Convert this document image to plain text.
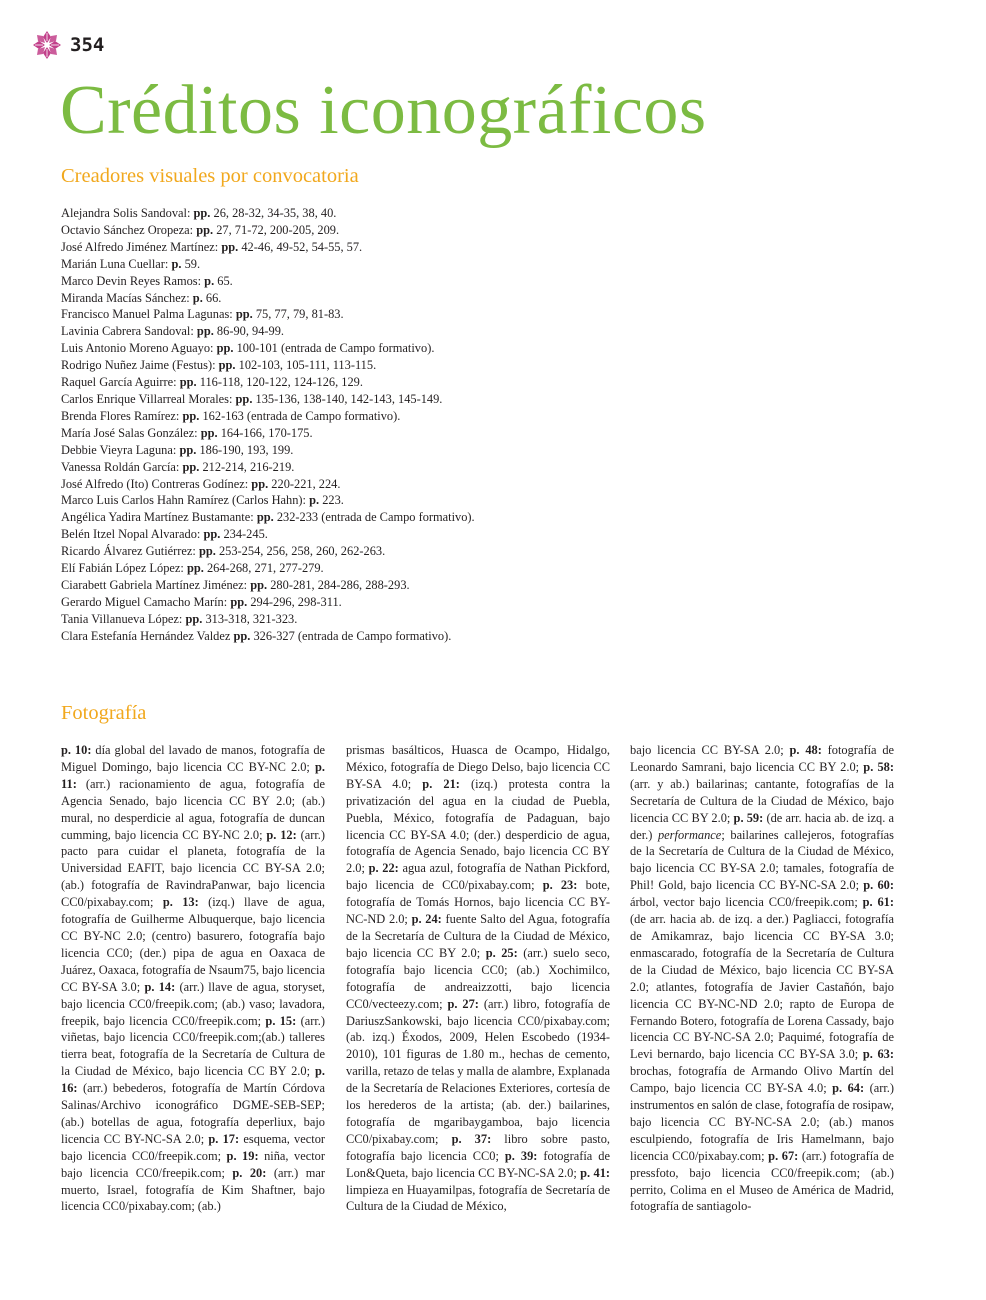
354
Créditos iconográficos
Creadores visuales por convocatoria
Alejandra Solis Sandoval: pp. 26, 28-32, 34-35, 38, 40.
Octavio Sánchez Oropeza: pp. 27, 71-72, 200-205, 209.
José Alfredo Jiménez Martínez: pp. 42-46, 49-52, 54-55, 57.
Marián Luna Cuellar: p. 59.
Marco Devin Reyes Ramos: p. 65.
Miranda Macías Sánchez: p. 66.
Francisco Manuel Palma Lagunas: pp. 75, 77, 79, 81-83.
Lavinia Cabrera Sandoval: pp. 86-90, 94-99.
Luis Antonio Moreno Aguayo: pp. 100-101 (entrada de Campo formativo).
Rodrigo Nuñez Jaime (Festus): pp. 102-103, 105-111, 113-115.
Raquel García Aguirre: pp. 116-118, 120-122, 124-126, 129.
Carlos Enrique Villarreal Morales: pp. 135-136, 138-140, 142-143, 145-149.
Brenda Flores Ramírez: pp. 162-163 (entrada de Campo formativo).
María José Salas González: pp. 164-166, 170-175.
Debbie Vieyra Laguna: pp. 186-190, 193, 199.
Vanessa Roldán García: pp. 212-214, 216-219.
José Alfredo (Ito) Contreras Godínez: pp. 220-221, 224.
Marco Luis Carlos Hahn Ramírez (Carlos Hahn): p. 223.
Angélica Yadira Martínez Bustamante: pp. 232-233 (entrada de Campo formativo).
Belén Itzel Nopal Alvarado: pp. 234-245.
Ricardo Álvarez Gutiérrez: pp. 253-254, 256, 258, 260, 262-263.
Elí Fabián López López: pp. 264-268, 271, 277-279.
Ciarabett Gabriela Martínez Jiménez: pp. 280-281, 284-286, 288-293.
Gerardo Miguel Camacho Marín: pp. 294-296, 298-311.
Tania Villanueva López: pp. 313-318, 321-323.
Clara Estefanía Hernández Valdez pp. 326-327 (entrada de Campo formativo).
Fotografía
p. 10: día global del lavado de manos, fotografía de Miguel Domingo, bajo licencia CC BY-NC 2.0; p. 11: (arr.) racionamiento de agua, fotografía de Agencia Senado, bajo licencia CC BY 2.0; (ab.) mural, no desperdicie al agua, fotografía de duncan cumming, bajo licencia CC BY-NC 2.0; p. 12: (arr.) pacto para cuidar el planeta, fotografía de la Universidad EAFIT, bajo licencia CC BY-SA 2.0; (ab.) fotografía de RavindraPanwar, bajo licencia CC0/pixabay.com; p. 13: (izq.) llave de agua, fotografía de Guilherme Albuquerque, bajo licencia CC BY-NC 2.0; (centro) basurero, fotografía bajo licencia CC0; (der.) pipa de agua en Oaxaca de Juárez, Oaxaca, fotografía de Nsaum75, bajo licencia CC BY-SA 3.0; p. 14: (arr.) llave de agua, storyset, bajo licencia CC0/freepik.com; (ab.) vaso; lavadora, freepik, bajo licencia CC0/freepik.com; p. 15: (arr.) viñetas, bajo licencia CC0/freepik.com;(ab.) talleres tierra beat, fotografía de la Secretaría de Cultura de la Ciudad de México, bajo licencia CC BY 2.0; p. 16: (arr.) bebederos, fotografía de Martín Córdova Salinas/Archivo iconográfico DGME-SEB-SEP; (ab.) botellas de agua, fotografía deperliux, bajo licencia CC BY-NC-SA 2.0; p. 17: esquema, vector bajo licencia CC0/freepik.com; p. 19: niña, vector bajo licencia CC0/freepik.com; p. 20: (arr.) mar muerto, Israel, fotografía de Kim Shaftner, bajo licencia CC0/pixabay.com; (ab.)
prismas basálticos, Huasca de Ocampo, Hidalgo, México, fotografía de Diego Delso, bajo licencia CC BY-SA 4.0; p. 21: (izq.) protesta contra la privatización del agua en la ciudad de Puebla, Puebla, México, fotografía de Padaguan, bajo licencia CC BY-SA 4.0; (der.) desperdicio de agua, fotografía de Agencia Senado, bajo licencia CC BY 2.0; p. 22: agua azul, fotografía de Nathan Pickford, bajo licencia de CC0/pixabay.com; p. 23: bote, fotografía de Tomás Hornos, bajo licencia CC BY-NC-ND 2.0; p. 24: fuente Salto del Agua, fotografía de la Secretaría de Cultura de la Ciudad de México, bajo licencia CC BY 2.0; p. 25: (arr.) suelo seco, fotografía bajo licencia CC0; (ab.) Xochimilco, fotografía de andreaizzotti, bajo licencia CC0/vecteezy.com; p. 27: (arr.) libro, fotografía de DariuszSankowski, bajo licencia CC0/pixabay.com; (ab. izq.) Éxodos, 2009, Helen Escobedo (1934-2010), 101 figuras de 1.80 m., hechas de cemento, varilla, retazo de telas y malla de alambre, Explanada de la Secretaría de Relaciones Exteriores, cortesía de los herederos de la artista; (ab. der.) bailarines, fotografía de mgaribaygamboa, bajo licencia CC0/pixabay.com; p. 37: libro sobre pasto, fotografía bajo licencia CC0; p. 39: fotografía de Lon&Queta, bajo licencia CC BY-NC-SA 2.0; p. 41: limpieza en Huayamilpas, fotografía de Secretaría de Cultura de la Ciudad de México,
bajo licencia CC BY-SA 2.0; p. 48: fotografía de Leonardo Samrani, bajo licencia CC BY 2.0; p. 58: (arr. y ab.) bailarinas; cantante, fotografías de la Secretaría de Cultura de la Ciudad de México, bajo licencia CC BY 2.0; p. 59: (de arr. hacia ab. de izq. a der.) performance; bailarines callejeros, fotografías de la Secretaría de Cultura de la Ciudad de México, bajo licencia CC BY-SA 2.0; tamales, fotografía de Phil! Gold, bajo licencia CC BY-NC-SA 2.0; p. 60: árbol, vector bajo licencia CC0/freepik.com; p. 61: (de arr. hacia ab. de izq. a der.) Pagliacci, fotografía de Amikamraz, bajo licencia CC BY-SA 3.0; enmascarado, fotografía de la Secretaría de Cultura de la Ciudad de México, bajo licencia CC BY-SA 2.0; atlantes, fotografía de Javier Castañón, bajo licencia CC BY-NC-ND 2.0; rapto de Europa de Fernando Botero, fotografía de Lorena Cassady, bajo licencia CC BY-NC-SA 2.0; Paquimé, fotografía de Levi bernardo, bajo licencia CC BY-SA 3.0; p. 63: brochas, fotografía de Armando Olivo Martín del Campo, bajo licencia CC BY-SA 4.0; p. 64: (arr.) instrumentos en salón de clase, fotografía de rosipaw, bajo licencia CC BY-NC-SA 2.0; (ab.) manos esculpiendo, fotografía de Iris Hamelmann, bajo licencia CC0/pixabay.com; p. 67: (arr.) fotografía de pressfoto, bajo licencia CC0/freepik.com; (ab.) perrito, Colima en el Museo de América de Madrid, fotografía de santiagolo-
